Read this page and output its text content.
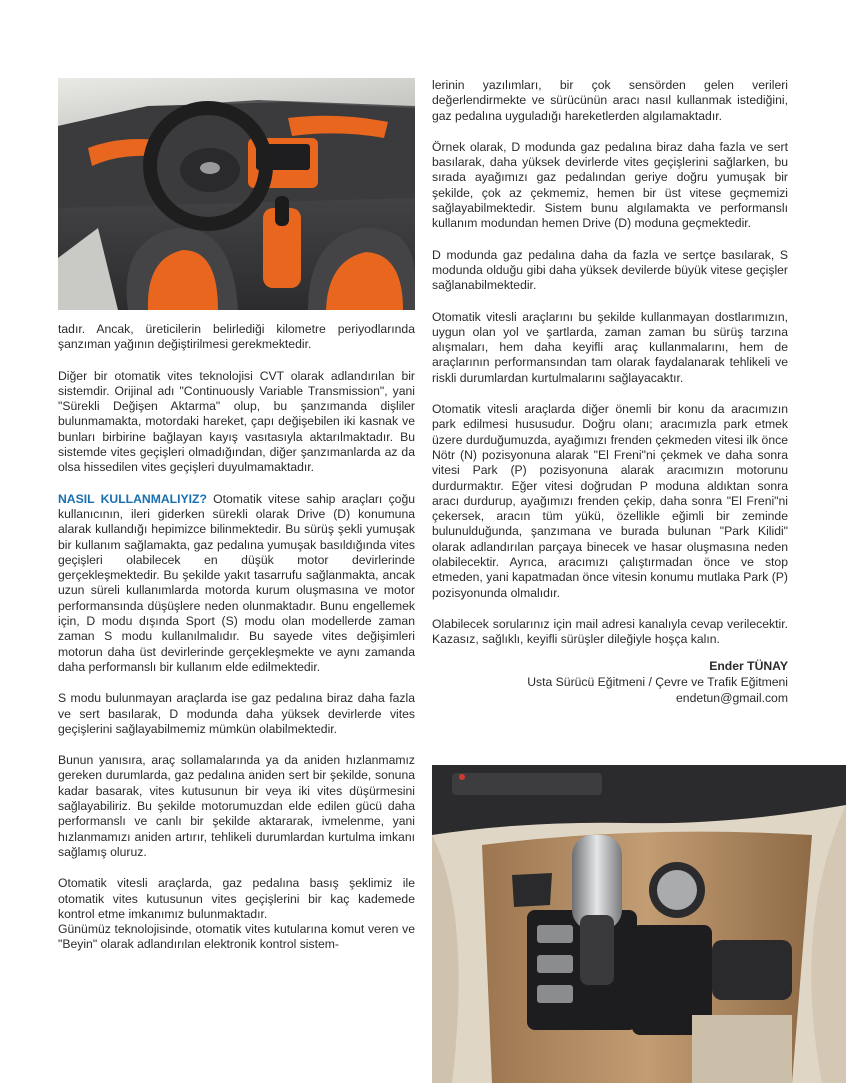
tadır. Ancak, üreticilerin belirlediği kilometre periyodlarında şanzıman yağının değiştirilmesi gerekmektedir.

Diğer bir otomatik vites teknolojisi CVT olarak adlandırılan bir sistemdir. Orijinal adı "Continuously Variable Transmission", yani "Sürekli Değişen Aktarma" olup, bu şanzımanda dişliler bulunmamakta, motordaki hareket, çapı değişebilen iki kasnak ve bunları birbirine bağlayan kayış vasıtasıyla aktarılmaktadır. Bu sistemde vites geçişleri olmadığından, diğer şanzımanlarda az da olsa hissedilen vites geçişleri duyulmamaktadır.

NASIL KULLANMALIYIZ? Otomatik vitese sahip araçları çoğu kullanıcının, ileri giderken sürekli olarak Drive (D) konumuna alarak kullandığı hepimizce bilinmektedir. Bu sürüş şekli yumuşak bir kullanım sağlamakta, gaz pedalına yumuşak basıldığında vites geçişleri olabilecek en düşük motor devirlerinde gerçekleşmektedir. Bu şekilde yakıt tasarrufu sağlanmakta, ancak uzun süreli kullanımlarda motorda kurum oluşmasına ve motor performansında düşüşlere neden olunmaktadır. Bunu engellemek için, D modu dışında Sport (S) modu olan modellerde zaman zaman S modu kullanılmalıdır. Bu sayede vites değişimleri motorun daha üst devirlerinde gerçekleşmekte ve aynı zamanda daha performanslı bir kullanım elde edilmektedir.

S modu bulunmayan araçlarda ise gaz pedalına biraz daha fazla ve sert basılarak, D modunda daha yüksek devirlerde vites geçişlerini sağlayabilmemiz mümkün olabilmektedir.

Bunun yanısıra, araç sollamalarında ya da aniden hızlanmamız gereken durumlarda, gaz pedalına aniden sert bir şekilde, sonuna kadar basarak, vites kutusunun bir veya iki vites düşürmesini sağlayabiliriz. Bu şekilde motorumuzdan elde edilen gücü daha performanslı ve canlı bir şekilde aktararak, ivmelenme, yani hızlanmamızı aniden artırır, tehlikeli durumlardan kurtulma imkanı sağlamış oluruz.

Otomatik vitesli araçlarda, gaz pedalına basış şeklimiz ile otomatik vites kutusunun vites geçişlerini bir kaç kademede kontrol etme imkanımız bulunmaktadır.

Günümüz teknolojisinde, otomatik vites kutularına komut veren ve "Beyin" olarak adlandırılan elektronik kontrol sistem-

lerinin yazılımları, bir çok sensörden gelen verileri değerlendirmekte ve sürücünün aracı nasıl kullanmak istediğini, gaz pedalına uyguladığı hareketlerden algılamaktadır.

Örnek olarak, D modunda gaz pedalına biraz daha fazla ve sert basılarak, daha yüksek devirlerde vites geçişlerini sağlarken, bu sırada ayağımızı gaz pedalından geriye doğru yumuşak bir şekilde, çok az çekmemiz, hemen bir üst vitese geçmemizi sağlayabilmektedir. Sistem bunu algılamakta ve performanslı kullanım modundan hemen Drive (D) moduna geçmektedir.

D modunda gaz pedalına daha da fazla ve sertçe basılarak, S modunda olduğu gibi daha yüksek devilerde büyük vitese geçişler sağlanabilmektedir.

Otomatik vitesli araçlarını bu şekilde kullanmayan dostlarımızın, uygun olan yol ve şartlarda, zaman zaman bu sürüş tarzına alışmaları, hem daha keyifli araç kullanmalarını, hem de araçlarının performansından tam olarak faydalanarak tehlikeli ve riskli durumlardan kurtulmalarını sağlayacaktır.

Otomatik vitesli araçlarda diğer önemli bir konu da aracımızın park edilmesi hususudur. Doğru olanı; aracımızla park etmek üzere durduğumuzda, ayağımızı frenden çekmeden vitesi ilk önce Nötr (N) pozisyonuna alarak "El Freni"ni çekmek ve daha sonra vitesi Park (P) pozisyonuna alarak aracımızın motorunu durdurmaktır. Eğer vitesi doğrudan P moduna aldıktan sonra aracı durdurup, ayağımızı frenden çekip, daha sonra "El Freni"ni çekersek, aracın tüm yükü, özellikle eğimli bir zeminde bulunulduğunda, şanzımana ve burada bulunan "Park Kilidi" olarak adlandırılan parçaya binecek ve hasar oluşmasına neden olabilecektir. Ayrıca, aracımızı çalıştırmadan önce ve stop etmeden, yani kapatmadan önce vitesin konumu mutlaka Park (P) pozisyonunda olmalıdır.

Olabilecek sorularınız için mail adresi kanalıyla cevap verilecektir. Kazasız, sağlıklı, keyifli sürüşler dileğiyle hoşça kalın.

Ender TÜNAY
Usta Sürücü Eğitmeni / Çevre ve Trafik Eğitmeni
endetun@gmail.com
